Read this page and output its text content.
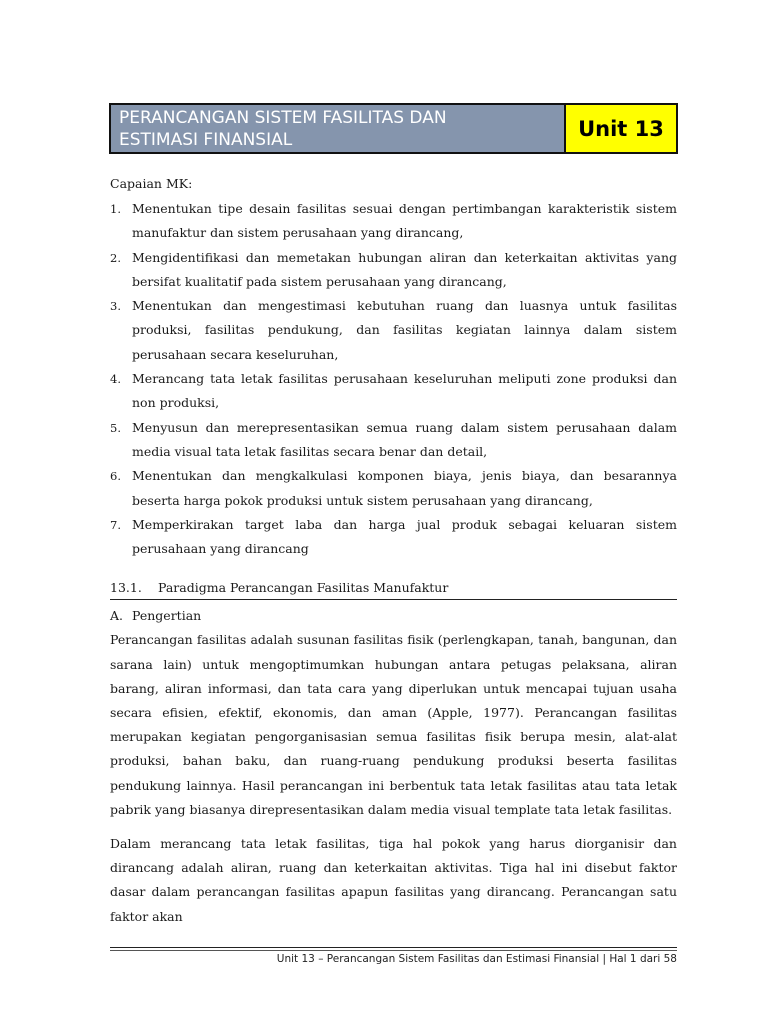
PERANCANGAN SISTEM FASILITAS DAN
ESTIMASI FINANSIAL	Unit 13

Capaian MK:

1. Menentukan tipe desain fasilitas sesuai dengan pertimbangan karakteristik sistem manufaktur dan sistem perusahaan yang dirancang,
2. Mengidentifikasi dan memetakan hubungan aliran dan keterkaitan aktivitas yang bersifat kualitatif pada sistem perusahaan yang dirancang,
3. Menentukan dan mengestimasi kebutuhan ruang dan luasnya untuk fasilitas produksi, fasilitas pendukung, dan fasilitas kegiatan lainnya dalam sistem perusahaan secara keseluruhan,
4. Merancang tata letak fasilitas perusahaan keseluruhan meliputi zone produksi dan non produksi,
5. Menyusun dan merepresentasikan semua ruang dalam sistem perusahaan dalam media visual tata letak fasilitas secara benar dan detail,
6. Menentukan dan mengkalkulasi komponen biaya, jenis biaya, dan besarannya beserta harga pokok produksi untuk sistem perusahaan yang dirancang,
7. Memperkirakan target laba dan harga jual produk sebagai keluaran sistem perusahaan yang dirancang
13.1.	Paradigma Perancangan Fasilitas Manufaktur
A. Pengertian

Perancangan fasilitas adalah susunan fasilitas fisik (perlengkapan, tanah, bangunan, dan sarana lain) untuk mengoptimumkan hubungan antara petugas pelaksana, aliran barang, aliran informasi, dan tata cara yang diperlukan untuk mencapai tujuan usaha secara efisien, efektif, ekonomis, dan aman (Apple, 1977). Perancangan fasilitas merupakan kegiatan pengorganisasian semua fasilitas fisik berupa mesin, alat-alat produksi, bahan baku, dan ruang-ruang pendukung produksi beserta fasilitas pendukung lainnya. Hasil perancangan ini berbentuk tata letak fasilitas atau tata letak pabrik yang biasanya direpresentasikan dalam media visual template tata letak fasilitas.

Dalam merancang tata letak fasilitas, tiga hal pokok yang harus diorganisir dan dirancang adalah aliran, ruang dan keterkaitan aktivitas. Tiga hal ini disebut faktor dasar dalam perancangan fasilitas apapun fasilitas yang dirancang. Perancangan satu faktor akan

Unit 13 – Perancangan Sistem Fasilitas dan Estimasi Finansial | Hal 1 dari 58
